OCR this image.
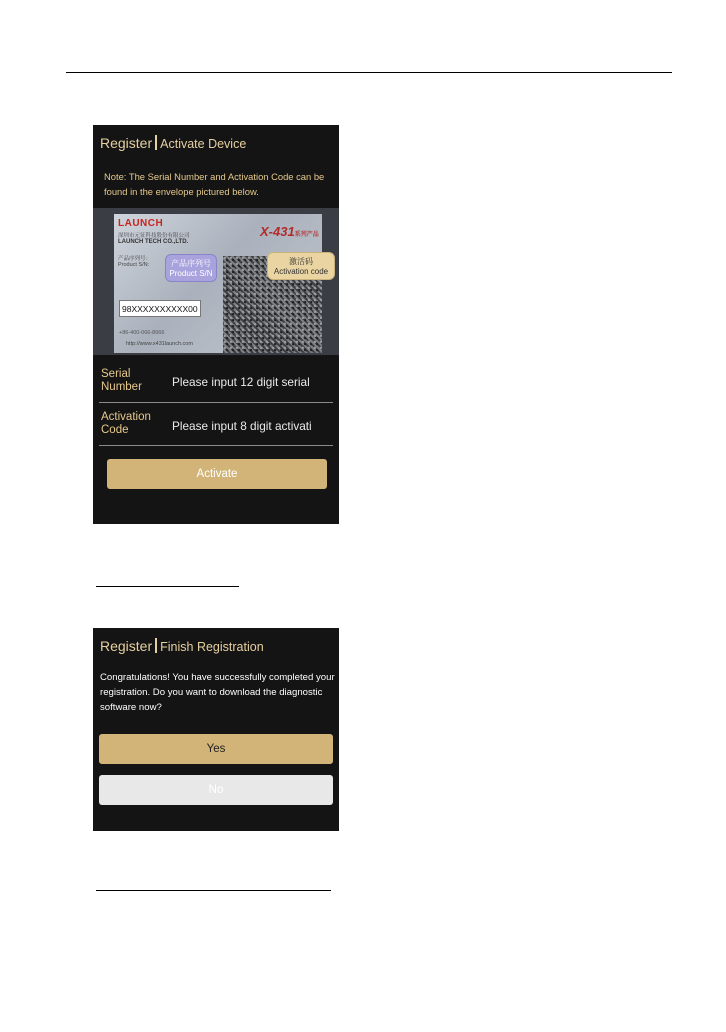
Register Activate Device
Note: The Serial Number and Activation Code can be found in the envelope pictured below.
LAUNCH
深圳市元征科技股份有限公司
LAUNCH TECH CO.,LTD.
产品序列号：
Product S/N:
X-431系列产品
产品序列号
Product S/N
激活码
Activation code
98XXXXXXXXXX00
+86-400-066-8666
http://www.x431launch.com
Serial Number	Please input 12 digit serial
Activation Code	Please input 8 digit activati
Activate
Register Finish Registration
Congratulations! You have successfully completed your registration. Do you want to download the diagnostic software now?
Yes
No
